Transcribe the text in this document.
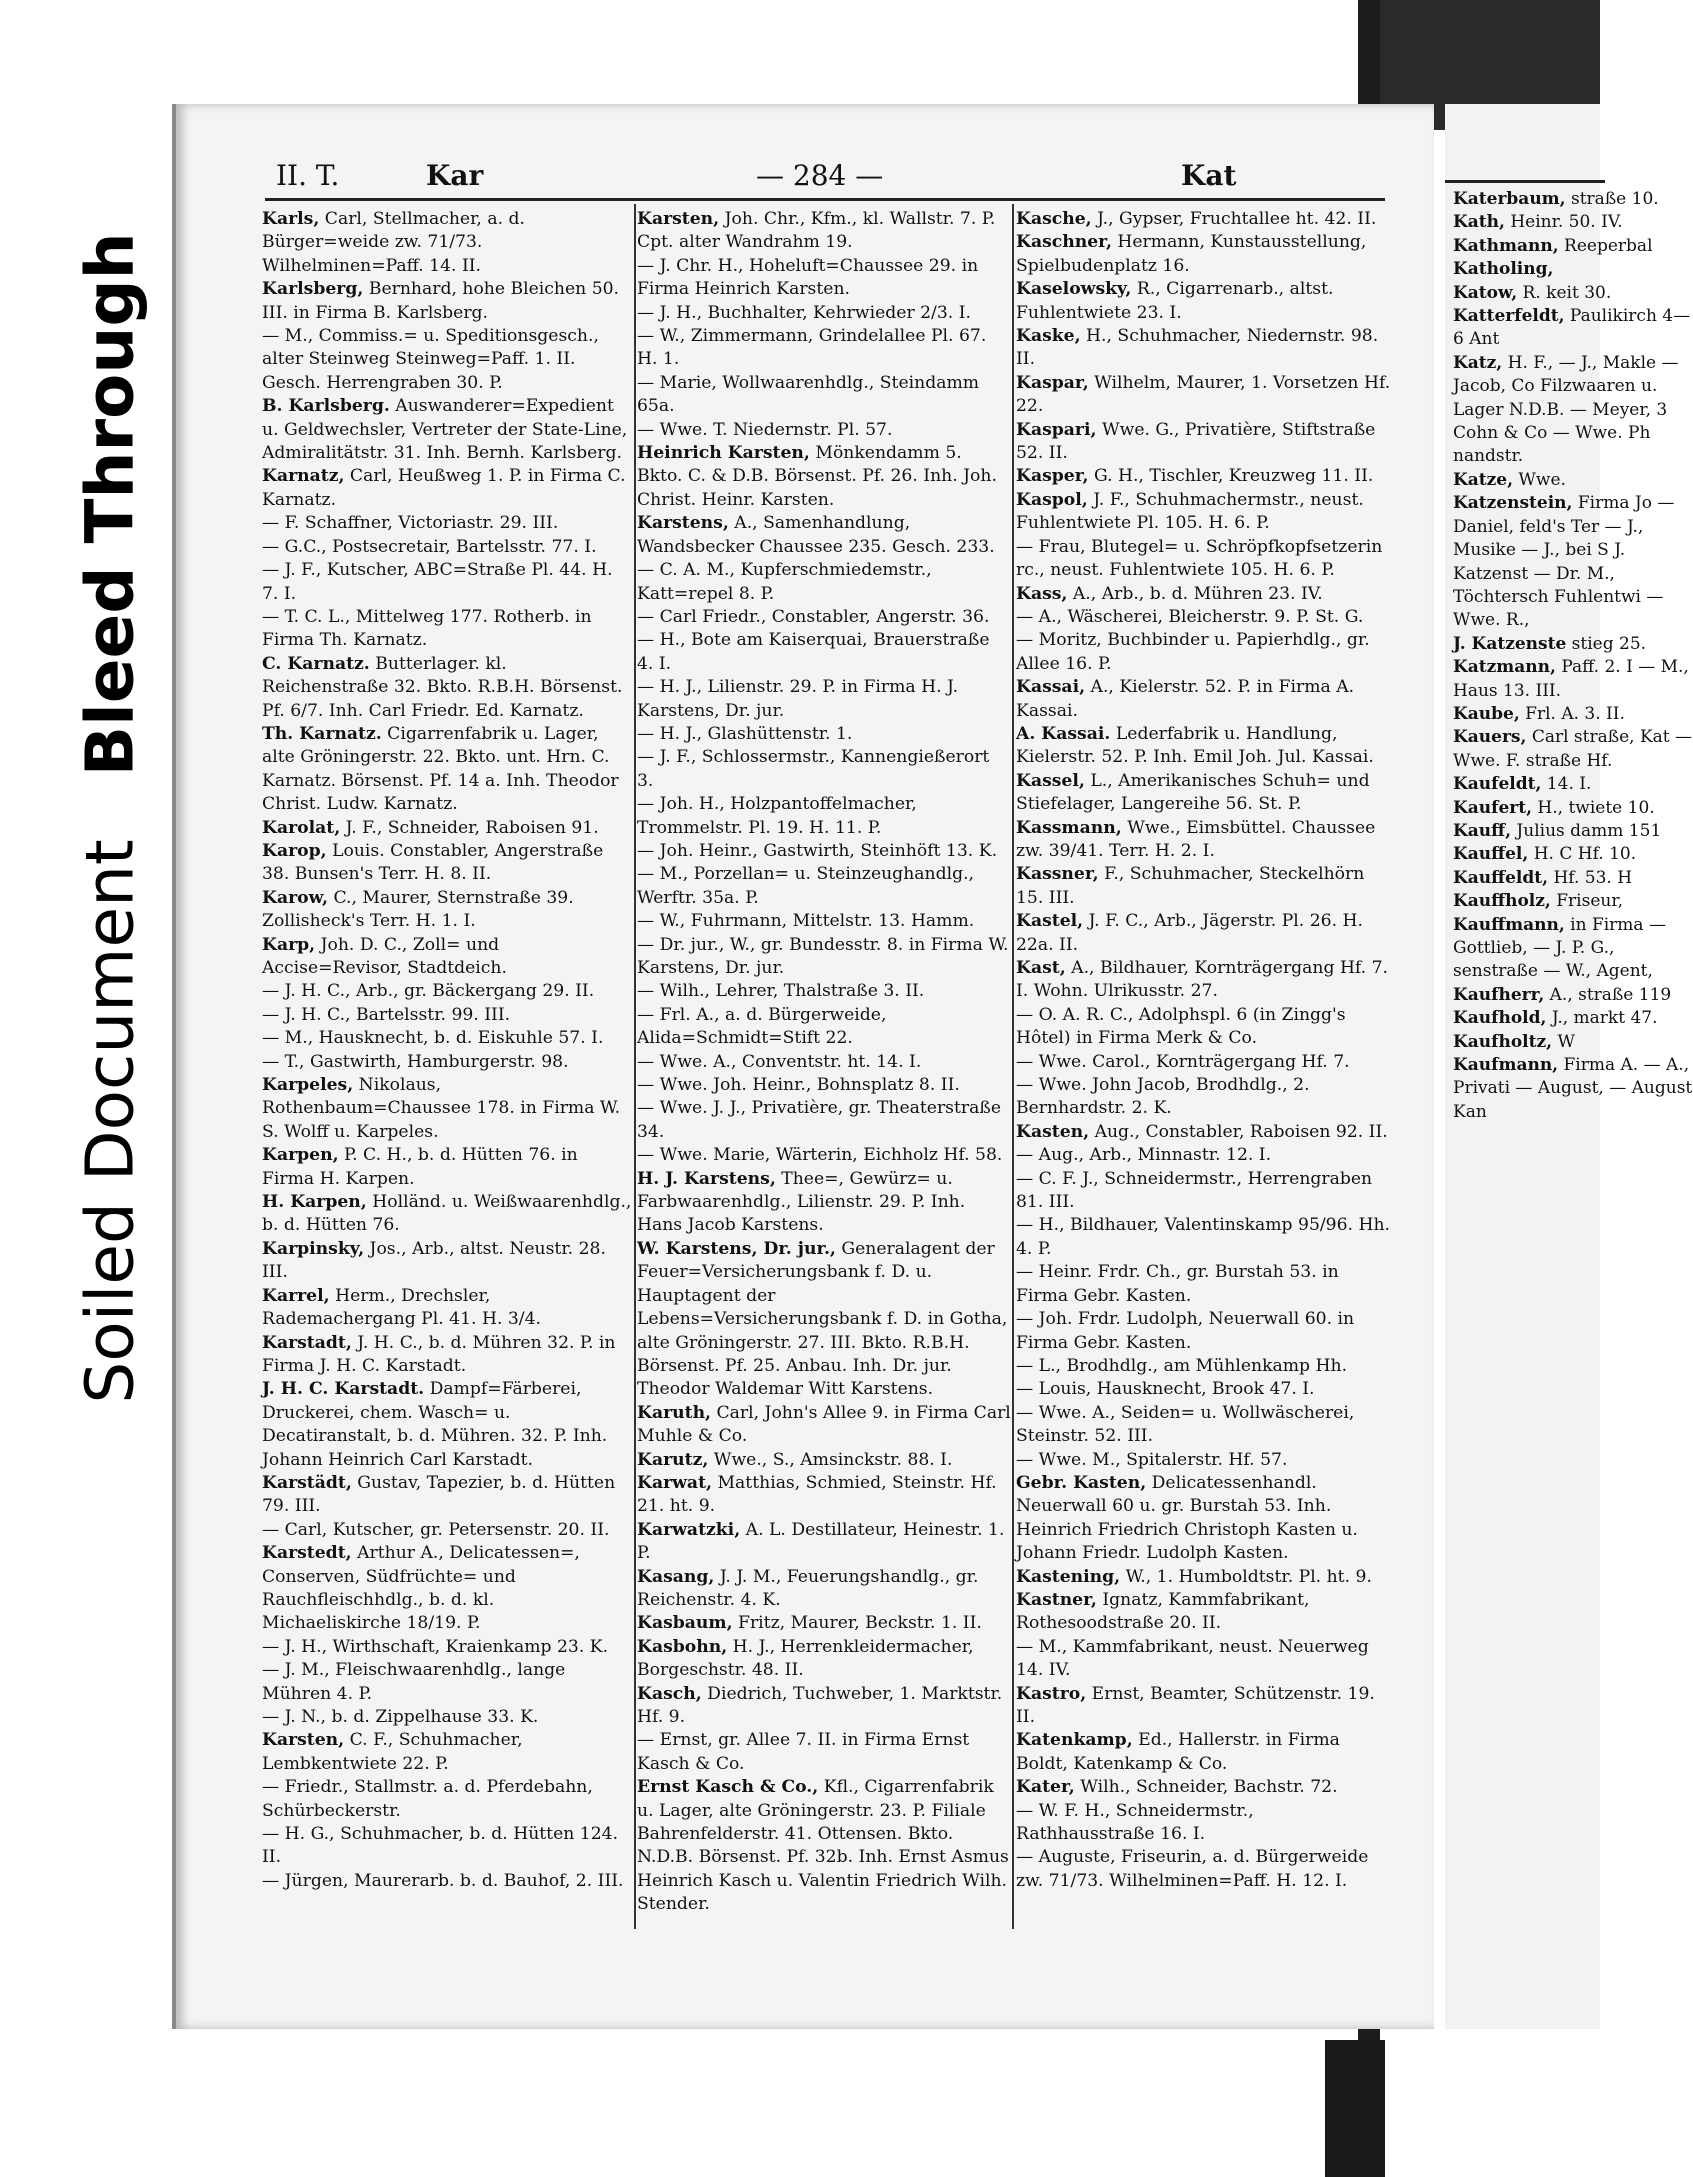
Soiled Document Bleed Through
II. T.	Kar	— 284 —	Kat

Karls, Carl, Stellmacher, a. d. Bürger=weide zw. 71/73. Wilhelminen=Paff. 14. II.

Karlsberg, Bernhard, hohe Bleichen 50. III. in Firma B. Karlsberg.

— M., Commiss.= u. Speditionsgesch., alter Steinweg Steinweg=Paff. 1. II. Gesch. Herrengraben 30. P.

B. Karlsberg. Auswanderer=Expedient u. Geldwechsler, Vertreter der State-Line, Admiralitätstr. 31. Inh. Bernh. Karlsberg.

Karnatz, Carl, Heußweg 1. P. in Firma C. Karnatz.

— F. Schaffner, Victoriastr. 29. III.

— G.C., Postsecretair, Bartelsstr. 77. I.

— J. F., Kutscher, ABC=Straße Pl. 44. H. 7. I.

— T. C. L., Mittelweg 177. Rotherb. in Firma Th. Karnatz.

C. Karnatz. Butterlager. kl. Reichenstraße 32. Bkto. R.B.H. Börsenst. Pf. 6/7. Inh. Carl Friedr. Ed. Karnatz.

Th. Karnatz. Cigarrenfabrik u. Lager, alte Gröningerstr. 22. Bkto. unt. Hrn. C. Karnatz. Börsenst. Pf. 14 a. Inh. Theodor Christ. Ludw. Karnatz.

Karolat, J. F., Schneider, Raboisen 91.

Karop, Louis. Constabler, Angerstraße 38. Bunsen's Terr. H. 8. II.

Karow, C., Maurer, Sternstraße 39. Zollisheck's Terr. H. 1. I.

Karp, Joh. D. C., Zoll= und Accise=Revisor, Stadtdeich.

— J. H. C., Arb., gr. Bäckergang 29. II.

— J. H. C., Bartelsstr. 99. III.

— M., Hausknecht, b. d. Eiskuhle 57. I.

— T., Gastwirth, Hamburgerstr. 98.

Karpeles, Nikolaus, Rothenbaum=Chaussee 178. in Firma W. S. Wolff u. Karpeles.

Karpen, P. C. H., b. d. Hütten 76. in Firma H. Karpen.

H. Karpen, Holländ. u. Weißwaarenhdlg., b. d. Hütten 76.

Karpinsky, Jos., Arb., altst. Neustr. 28. III.

Karrel, Herm., Drechsler, Rademachergang Pl. 41. H. 3/4.

Karstadt, J. H. C., b. d. Mühren 32. P. in Firma J. H. C. Karstadt.

J. H. C. Karstadt. Dampf=Färberei, Druckerei, chem. Wasch= u. Decatiranstalt, b. d. Mühren. 32. P. Inh. Johann Heinrich Carl Karstadt.

Karstädt, Gustav, Tapezier, b. d. Hütten 79. III.

— Carl, Kutscher, gr. Petersenstr. 20. II.

Karstedt, Arthur A., Delicatessen=, Conserven, Südfrüchte= und Rauchfleischhdlg., b. d. kl. Michaeliskirche 18/19. P.

— J. H., Wirthschaft, Kraienkamp 23. K.

— J. M., Fleischwaarenhdlg., lange Mühren 4. P.

— J. N., b. d. Zippelhause 33. K.

Karsten, C. F., Schuhmacher, Lembkentwiete 22. P.

— Friedr., Stallmstr. a. d. Pferdebahn, Schürbeckerstr.

— H. G., Schuhmacher, b. d. Hütten 124. II.

— Jürgen, Maurerarb. b. d. Bauhof, 2. III.

Karsten, Joh. Chr., Kfm., kl. Wallstr. 7. P. Cpt. alter Wandrahm 19.

— J. Chr. H., Hoheluft=Chaussee 29. in Firma Heinrich Karsten.

— J. H., Buchhalter, Kehrwieder 2/3. I.

— W., Zimmermann, Grindelallee Pl. 67. H. 1.

— Marie, Wollwaarenhdlg., Steindamm 65a.

— Wwe. T. Niedernstr. Pl. 57.

Heinrich Karsten, Mönkendamm 5. Bkto. C. & D.B. Börsenst. Pf. 26. Inh. Joh. Christ. Heinr. Karsten.

Karstens, A., Samenhandlung, Wandsbecker Chaussee 235. Gesch. 233.

— C. A. M., Kupferschmiedemstr., Katt=repel 8. P.

— Carl Friedr., Constabler, Angerstr. 36.

— H., Bote am Kaiserquai, Brauerstraße 4. I.

— H. J., Lilienstr. 29. P. in Firma H. J. Karstens, Dr. jur.

— H. J., Glashüttenstr. 1.

— J. F., Schlossermstr., Kannengießerort 3.

— Joh. H., Holzpantoffelmacher, Trommelstr. Pl. 19. H. 11. P.

— Joh. Heinr., Gastwirth, Steinhöft 13. K.

— M., Porzellan= u. Steinzeughandlg., Werftr. 35a. P.

— W., Fuhrmann, Mittelstr. 13. Hamm.

— Dr. jur., W., gr. Bundesstr. 8. in Firma W. Karstens, Dr. jur.

— Wilh., Lehrer, Thalstraße 3. II.

— Frl. A., a. d. Bürgerweide, Alida=Schmidt=Stift 22.

— Wwe. A., Conventstr. ht. 14. I.

— Wwe. Joh. Heinr., Bohnsplatz 8. II.

— Wwe. J. J., Privatière, gr. Theaterstraße 34.

— Wwe. Marie, Wärterin, Eichholz Hf. 58.

H. J. Karstens, Thee=, Gewürz= u. Farbwaarenhdlg., Lilienstr. 29. P. Inh. Hans Jacob Karstens.

W. Karstens, Dr. jur., Generalagent der Feuer=Versicherungsbank f. D. u. Hauptagent der Lebens=Versicherungsbank f. D. in Gotha, alte Gröningerstr. 27. III. Bkto. R.B.H. Börsenst. Pf. 25. Anbau. Inh. Dr. jur. Theodor Waldemar Witt Karstens.

Karuth, Carl, John's Allee 9. in Firma Carl Muhle & Co.

Karutz, Wwe., S., Amsinckstr. 88. I.

Karwat, Matthias, Schmied, Steinstr. Hf. 21. ht. 9.

Karwatzki, A. L. Destillateur, Heinestr. 1. P.

Kasang, J. J. M., Feuerungshandlg., gr. Reichenstr. 4. K.

Kasbaum, Fritz, Maurer, Beckstr. 1. II.

Kasbohn, H. J., Herrenkleidermacher, Borgeschstr. 48. II.

Kasch, Diedrich, Tuchweber, 1. Marktstr. Hf. 9.

— Ernst, gr. Allee 7. II. in Firma Ernst Kasch & Co.

Ernst Kasch & Co., Kfl., Cigarrenfabrik u. Lager, alte Gröningerstr. 23. P. Filiale Bahrenfelderstr. 41. Ottensen. Bkto. N.D.B. Börsenst. Pf. 32b. Inh. Ernst Asmus Heinrich Kasch u. Valentin Friedrich Wilh. Stender.

Kasche, J., Gypser, Fruchtallee ht. 42. II.

Kaschner, Hermann, Kunstausstellung, Spielbudenplatz 16.

Kaselowsky, R., Cigarrenarb., altst. Fuhlentwiete 23. I.

Kaske, H., Schuhmacher, Niedernstr. 98. II.

Kaspar, Wilhelm, Maurer, 1. Vorsetzen Hf. 22.

Kaspari, Wwe. G., Privatière, Stiftstraße 52. II.

Kasper, G. H., Tischler, Kreuzweg 11. II.

Kaspol, J. F., Schuhmachermstr., neust. Fuhlentwiete Pl. 105. H. 6. P.

— Frau, Blutegel= u. Schröpfkopfsetzerin rc., neust. Fuhlentwiete 105. H. 6. P.

Kass, A., Arb., b. d. Mühren 23. IV.

— A., Wäscherei, Bleicherstr. 9. P. St. G.

— Moritz, Buchbinder u. Papierhdlg., gr. Allee 16. P.

Kassai, A., Kielerstr. 52. P. in Firma A. Kassai.

A. Kassai. Lederfabrik u. Handlung, Kielerstr. 52. P. Inh. Emil Joh. Jul. Kassai.

Kassel, L., Amerikanisches Schuh= und Stiefelager, Langereihe 56. St. P.

Kassmann, Wwe., Eimsbüttel. Chaussee zw. 39/41. Terr. H. 2. I.

Kassner, F., Schuhmacher, Steckelhörn 15. III.

Kastel, J. F. C., Arb., Jägerstr. Pl. 26. H. 22a. II.

Kast, A., Bildhauer, Kornträgergang Hf. 7. I. Wohn. Ulrikusstr. 27.

— O. A. R. C., Adolphspl. 6 (in Zingg's Hôtel) in Firma Merk & Co.

— Wwe. Carol., Kornträgergang Hf. 7.

— Wwe. John Jacob, Brodhdlg., 2. Bernhardstr. 2. K.

Kasten, Aug., Constabler, Raboisen 92. II.

— Aug., Arb., Minnastr. 12. I.

— C. F. J., Schneidermstr., Herrengraben 81. III.

— H., Bildhauer, Valentinskamp 95/96. Hh. 4. P.

— Heinr. Frdr. Ch., gr. Burstah 53. in Firma Gebr. Kasten.

— Joh. Frdr. Ludolph, Neuerwall 60. in Firma Gebr. Kasten.

— L., Brodhdlg., am Mühlenkamp Hh.

— Louis, Hausknecht, Brook 47. I.

— Wwe. A., Seiden= u. Wollwäscherei, Steinstr. 52. III.

— Wwe. M., Spitalerstr. Hf. 57.

Gebr. Kasten, Delicatessenhandl. Neuerwall 60 u. gr. Burstah 53. Inh. Heinrich Friedrich Christoph Kasten u. Johann Friedr. Ludolph Kasten.

Kastening, W., 1. Humboldtstr. Pl. ht. 9.

Kastner, Ignatz, Kammfabrikant, Rothesoodstraße 20. II.

— M., Kammfabrikant, neust. Neuerweg 14. IV.

Kastro, Ernst, Beamter, Schützenstr. 19. II.

Katenkamp, Ed., Hallerstr. in Firma Boldt, Katenkamp & Co.

Kater, Wilh., Schneider, Bachstr. 72.

— W. F. H., Schneidermstr., Rathhausstraße 16. I.

— Auguste, Friseurin, a. d. Bürgerweide zw. 71/73. Wilhelminen=Paff. H. 12. I.

Katerbaum, straße 10.

Kath, Heinr. 50. IV.

Kathmann, Reeperbal

Katholing,

Katow, R. keit 30.

Katterfeldt, Paulikirch 4—6 Ant

Katz, H. F., — J., Makle — Jacob, Co Filzwaaren u. Lager N.D.B. — Meyer, 3 Cohn & Co — Wwe. Ph nandstr.

Katze, Wwe.

Katzenstein, Firma Jo — Daniel, feld's Ter — J., Musike — J., bei S J. Katzenst — Dr. M., Töchtersch Fuhlentwi — Wwe. R.,

J. Katzenste stieg 25.

Katzmann, Paff. 2. I — M., Haus 13. III.

Kaube, Frl. A. 3. II.

Kauers, Carl straße, Kat — Wwe. F. straße Hf.

Kaufeldt, 14. I.

Kaufert, H., twiete 10.

Kauff, Julius damm 151

Kauffel, H. C Hf. 10.

Kauffeldt, Hf. 53. H

Kauffholz, Friseur,

Kauffmann, in Firma — Gottlieb, — J. P. G., senstraße — W., Agent,

Kaufherr, A., straße 119

Kaufhold, J., markt 47.

Kaufholtz, W

Kaufmann, Firma A. — A., Privati — August, — August Kan
